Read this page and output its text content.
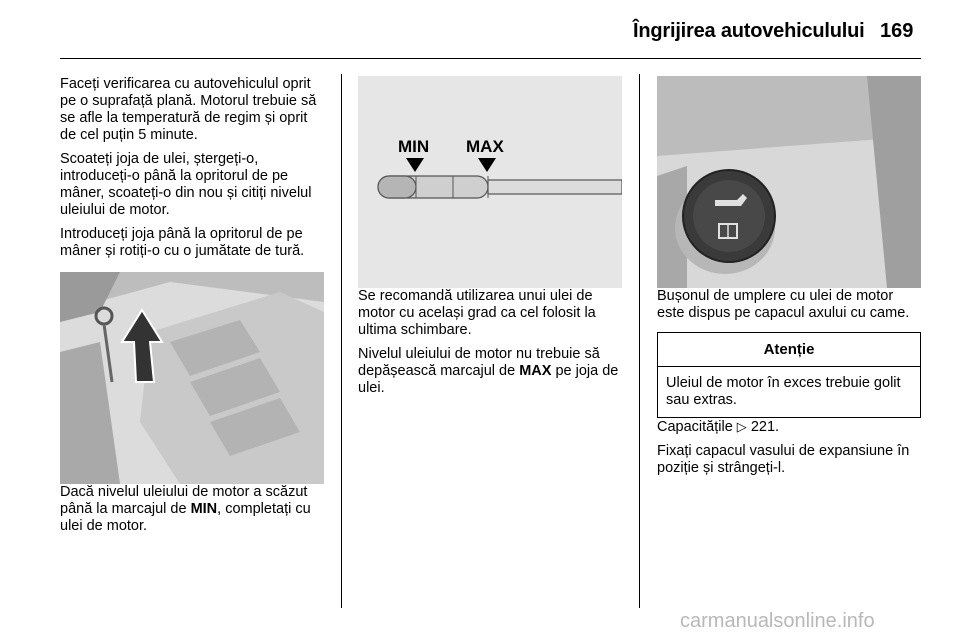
Îngrijirea autovehiculului 169

Faceți verificarea cu autovehiculul oprit pe o suprafață plană. Motorul trebuie să se afle la temperatură de regim și oprit de cel puțin 5 minute.

Scoateți joja de ulei, ștergeți-o, introduceți-o până la opritorul de pe mâner, scoateți-o din nou și citiți nivelul uleiului de motor.

Introduceți joja până la opritorul de pe mâner și rotiți-o cu o jumătate de tură.

Dacă nivelul uleiului de motor a scăzut până la marcajul de MIN, completați cu ulei de motor.

MIN MAX

Se recomandă utilizarea unui ulei de motor cu același grad ca cel folosit la ultima schimbare.

Nivelul uleiului de motor nu trebuie să depășească marcajul de MAX pe joja de ulei.

Bușonul de umplere cu ulei de motor este dispus pe capacul axului cu came.

Atenție
Uleiul de motor în exces trebuie golit sau extras.

Capacitățile ▷ 221.

Fixați capacul vasului de expansiune în poziție și strângeți-l.

carmanualsonline.info
